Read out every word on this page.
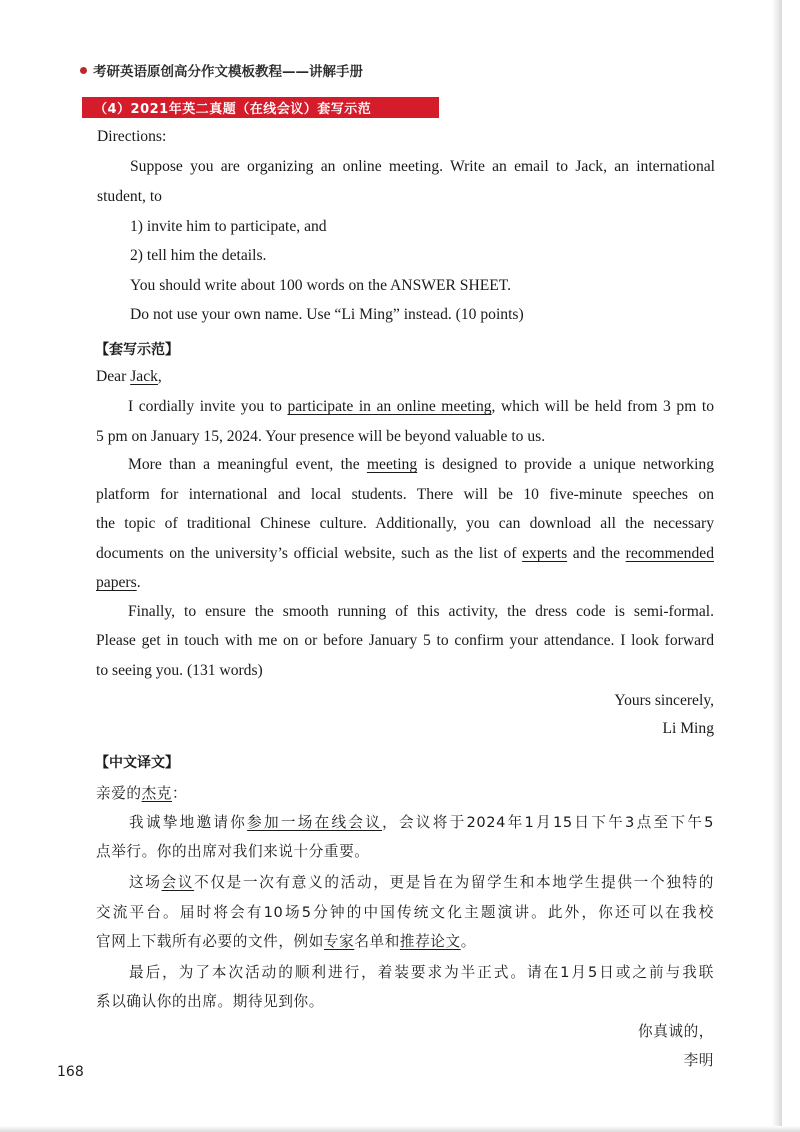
考研英语原创高分作文模板教程——讲解手册
（4）2021年英二真题（在线会议）套写示范
Directions:
Suppose you are organizing an online meeting. Write an email to Jack, an international
student, to
1) invite him to participate, and
2) tell him the details.
You should write about 100 words on the ANSWER SHEET.
Do not use your own name. Use “Li Ming” instead. (10 points)
【套写示范】
Dear Jack,
I cordially invite you to participate in an online meeting, which will be held from 3 pm to
5 pm on January 15, 2024. Your presence will be beyond valuable to us.
More than a meaningful event, the meeting is designed to provide a unique networking
platform for international and local students. There will be 10 five-minute speeches on
the topic of traditional Chinese culture. Additionally, you can download all the necessary
documents on the university’s official website, such as the list of experts and the recommended
papers.
Finally, to ensure the smooth running of this activity, the dress code is semi-formal.
Please get in touch with me on or before January 5 to confirm your attendance. I look forward
to seeing you. (131 words)
Yours sincerely,
Li Ming
【中文译文】
亲爱的杰克：
我诚挚地邀请你参加一场在线会议，会议将于2024年1月15日下午3点至下午5
点举行。你的出席对我们来说十分重要。
这场会议不仅是一次有意义的活动，更是旨在为留学生和本地学生提供一个独特的
交流平台。届时将会有10场5分钟的中国传统文化主题演讲。此外，你还可以在我校
官网上下载所有必要的文件，例如专家名单和推荐论文。
最后，为了本次活动的顺利进行，着装要求为半正式。请在1月5日或之前与我联
系以确认你的出席。期待见到你。
你真诚的，
李明
168
